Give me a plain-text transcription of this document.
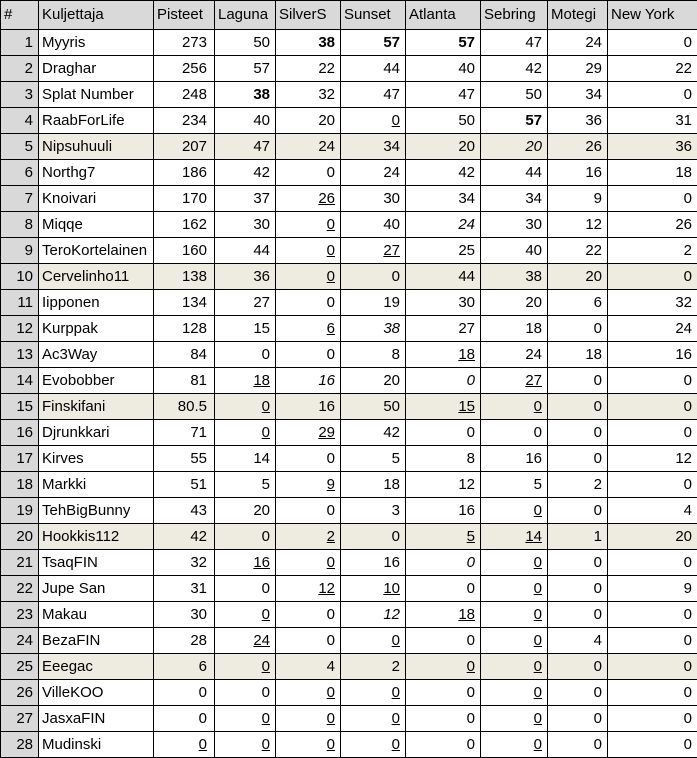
#	Kuljettaja	Pisteet	Laguna	SilverS	Sunset	Atlanta	Sebring	Motegi	New York
1	Myyris	273	50	38	57	57	47	24	0
2	Draghar	256	57	22	44	40	42	29	22
3	Splat Number	248	38	32	47	47	50	34	0
4	RaabForLife	234	40	20	0	50	57	36	31
5	Nipsuhuuli	207	47	24	34	20	20	26	36
6	Northg7	186	42	0	24	42	44	16	18
7	Knoivari	170	37	26	30	34	34	9	0
8	Miqqe	162	30	0	40	24	30	12	26
9	TeroKortelainen	160	44	0	27	25	40	22	2
10	Cervelinho11	138	36	0	0	44	38	20	0
11	Iipponen	134	27	0	19	30	20	6	32
12	Kurppak	128	15	6	38	27	18	0	24
13	Ac3Way	84	0	0	8	18	24	18	16
14	Evobobber	81	18	16	20	0	27	0	0
15	Finskifani	80.5	0	16	50	15	0	0	0
16	Djrunkkari	71	0	29	42	0	0	0	0
17	Kirves	55	14	0	5	8	16	0	12
18	Markki	51	5	9	18	12	5	2	0
19	TehBigBunny	43	20	0	3	16	0	0	4
20	Hookkis112	42	0	2	0	5	14	1	20
21	TsaqFIN	32	16	0	16	0	0	0	0
22	Jupe San	31	0	12	10	0	0	0	9
23	Makau	30	0	0	12	18	0	0	0
24	BezaFIN	28	24	0	0	0	0	4	0
25	Eeegac	6	0	4	2	0	0	0	0
26	VilleKOO	0	0	0	0	0	0	0	0
27	JasxaFIN	0	0	0	0	0	0	0	0
28	Mudinski	0	0	0	0	0	0	0	0
